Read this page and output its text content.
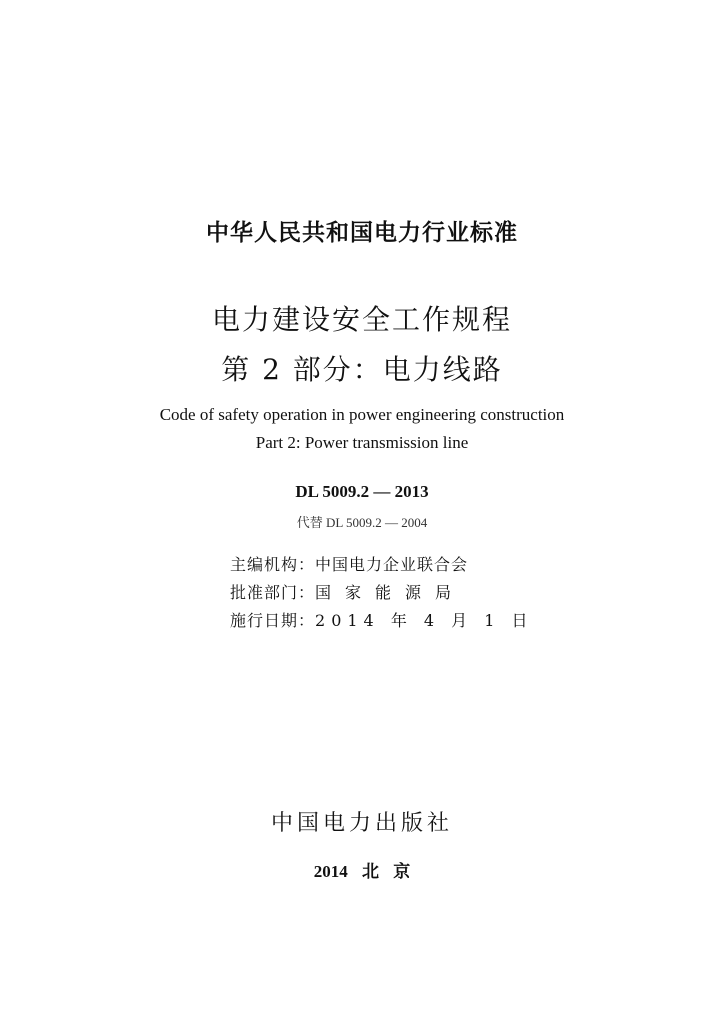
中华人民共和国电力行业标准
电力建设安全工作规程
第 2 部分：电力线路
Code of safety operation in power engineering construction
Part 2: Power transmission line
DL 5009.2 — 2013
代替 DL 5009.2 — 2004
主编机构：中国电力企业联合会
批准部门：国家能源局
施行日期：2014 年 4 月 1 日
中国电力出版社
2014 北 京
